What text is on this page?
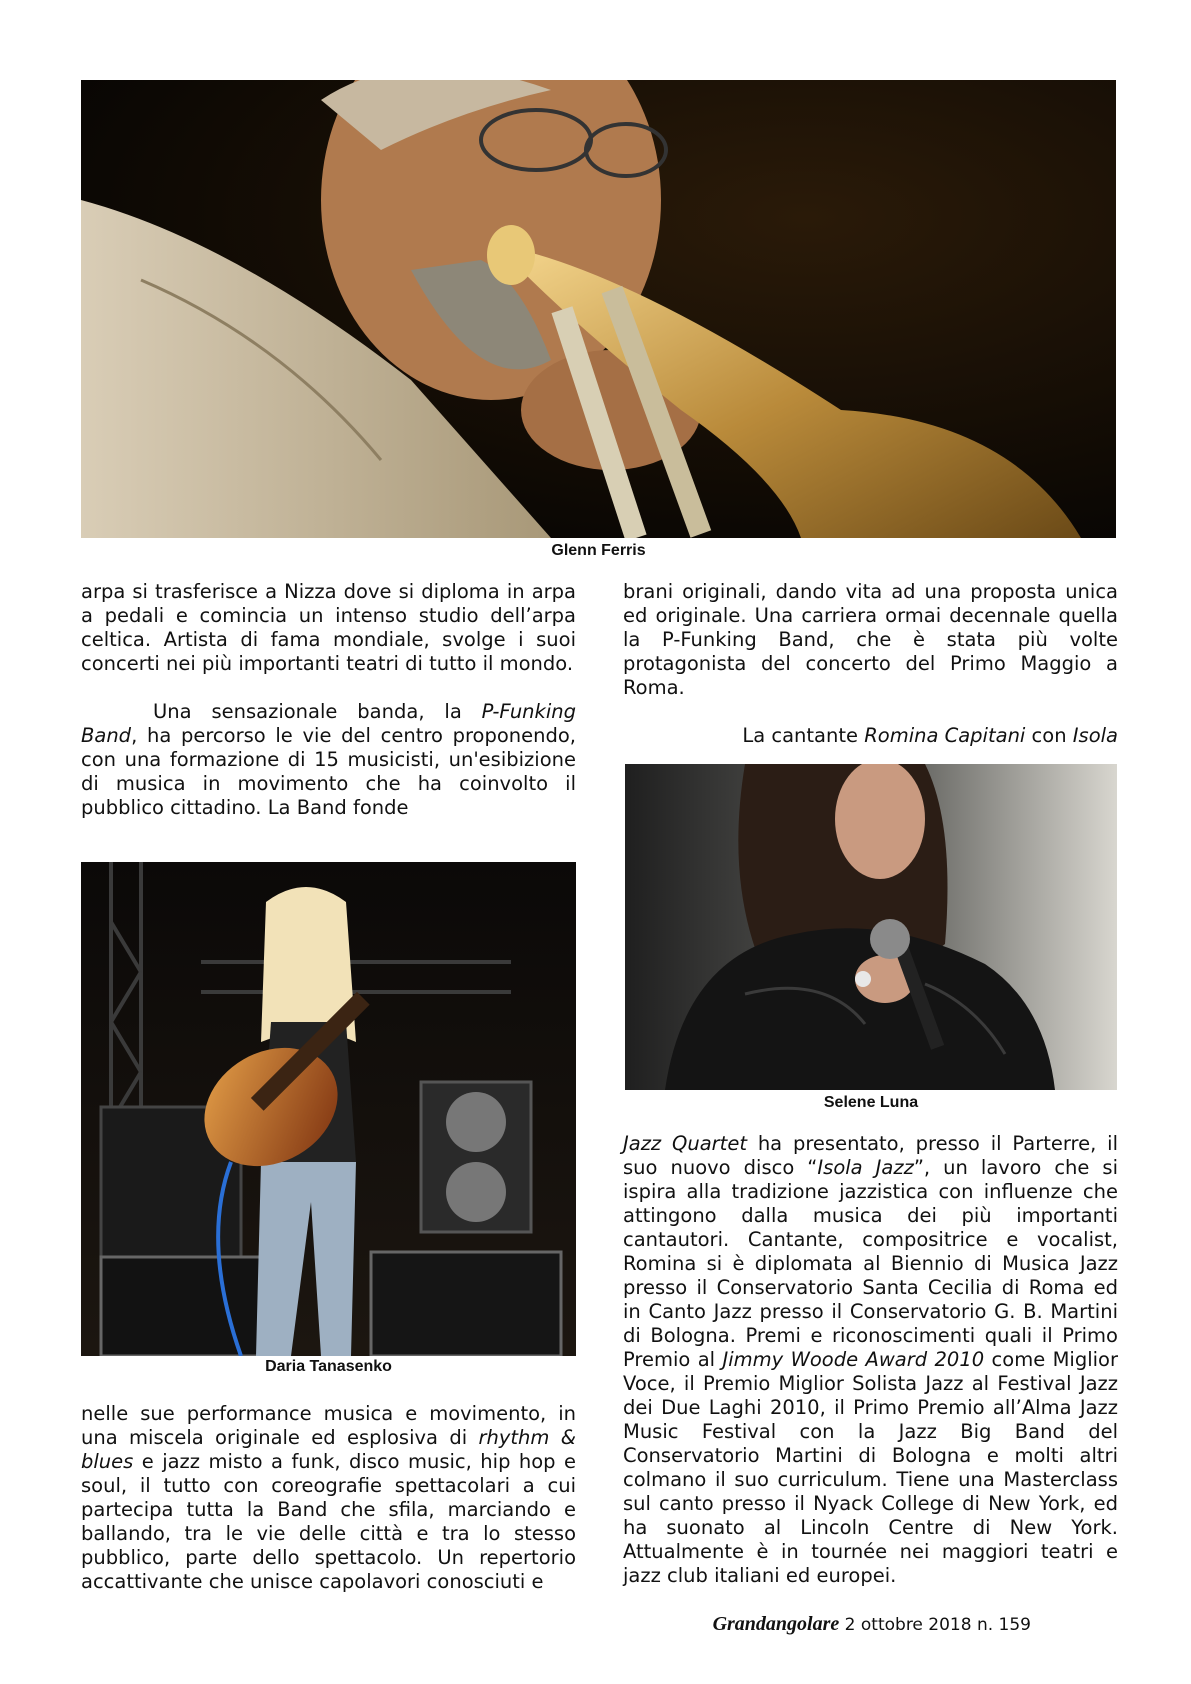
Glenn Ferris

arpa si trasferisce a Nizza dove si diploma in arpa a pedali e comincia un intenso studio dell’arpa celtica. Artista di fama mondiale, svolge i suoi concerti nei più importanti teatri di tutto il mondo.

Una sensazionale banda, la P-Funking Band, ha percorso le vie del centro proponendo, con una formazione di 15 musicisti, un'esibizione di musica in movimento che ha coinvolto il pubblico cittadino. La Band fonde

Daria Tanasenko

nelle sue performance musica e movimento, in una miscela originale ed esplosiva di rhythm & blues e jazz misto a funk, disco music, hip hop e soul, il tutto con coreografie spettacolari a cui partecipa tutta la Band che sfila, marciando e ballando, tra le vie delle città e tra lo stesso pubblico, parte dello spettacolo. Un repertorio accattivante che unisce capolavori conosciuti e

brani originali, dando vita ad una proposta unica ed originale. Una carriera ormai decennale quella la P-Funking Band, che è stata più volte protagonista del concerto del Primo Maggio a Roma.

La cantante Romina Capitani con Isola

Selene Luna

Jazz Quartet ha presentato, presso il Parterre, il suo nuovo disco “Isola Jazz”, un lavoro che si ispira alla tradizione jazzistica con influenze che attingono dalla musica dei più importanti cantautori. Cantante, compositrice e vocalist, Romina si è diplomata al Biennio di Musica Jazz presso il Conservatorio Santa Cecilia di Roma ed in Canto Jazz presso il Conservatorio G. B. Martini di Bologna. Premi e riconoscimenti quali il Primo Premio al Jimmy Woode Award 2010 come Miglior Voce, il Premio Miglior Solista Jazz al Festival Jazz dei Due Laghi 2010, il Primo Premio all’Alma Jazz Music Festival con la Jazz Big Band del Conservatorio Martini di Bologna e molti altri colmano il suo curriculum. Tiene una Masterclass sul canto presso il Nyack College di New York, ed ha suonato al Lincoln Centre di New York. Attualmente è in tournée nei maggiori teatri e jazz club italiani ed europei.

Grandangolare 2 ottobre 2018 n. 159
